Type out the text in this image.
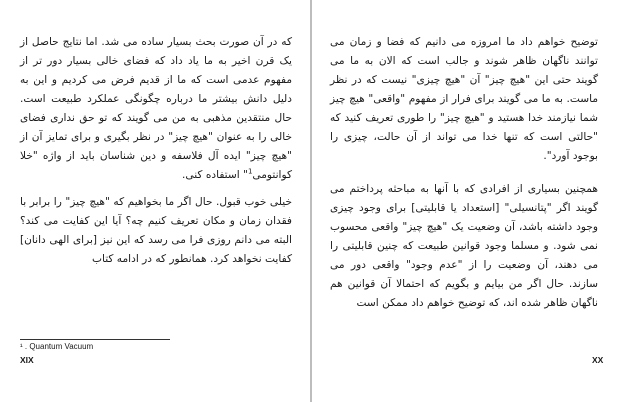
که در آن صورت بحث بسیار ساده می شد. اما نتایج حاصل از یک قرن اخیر به ما یاد داد که فضای خالی بسیار دور تر از مفهوم عدمی است که ما از قدیم فرض می کردیم و این به دلیل دانش بیشتر ما درباره چگونگی عملکرد طبیعت است. حال منتقدین مذهبی به من می گویند که تو حق نداری فضای خالی را به عنوان "هیچ چیز" در نظر بگیری و برای تمایز آن از "هیچ چیز" ایده آل فلاسفه و دین شناسان باید از واژه "خلا کوانتومی$^1$" استفاده کنی.

خیلی خوب قبول. حال اگر ما بخواهیم که "هیچ چیز" را برابر با فقدان زمان و مکان تعریف کنیم چه؟ آیا این کفایت می کند؟ البته می دانم روزی فرا می رسد که این نیز [برای الهی دانان] کفایت نخواهد کرد. همانطور که در ادامه کتاب

¹ . Quantum Vacuum
XIX

توضیح خواهم داد ما امروزه می دانیم که فضا و زمان می توانند ناگهان ظاهر شوند و جالب است که الان به ما می گویند حتی این "هیچ چیز" آن "هیچ چیزی" نیست که در نظر ماست. به ما می گویند برای فرار از مفهوم "واقعی" هیچ چیز شما نیازمند خدا هستید و "هیچ چیز" را طوری تعریف کنید که "حالتی است که تنها خدا می تواند از آن حالت، چیزی را بوجود آورد".

همچنین بسیاری از افرادی که با آنها به مباحثه پرداختم می گویند اگر "پتانسیلی" [استعداد یا قابلیتی] برای وجود چیزی وجود داشته باشد، آن وضعیت یک "هیچ چیز" واقعی محسوب نمی شود. و مسلما وجود قوانین طبیعت که چنین قابلیتی را می دهند، آن وضعیت را از "عدم وجود" واقعی دور می سازند. حال اگر من بیایم و بگویم که احتمالا آن قوانین هم ناگهان ظاهر شده اند، که توضیح خواهم داد ممکن است

XX
